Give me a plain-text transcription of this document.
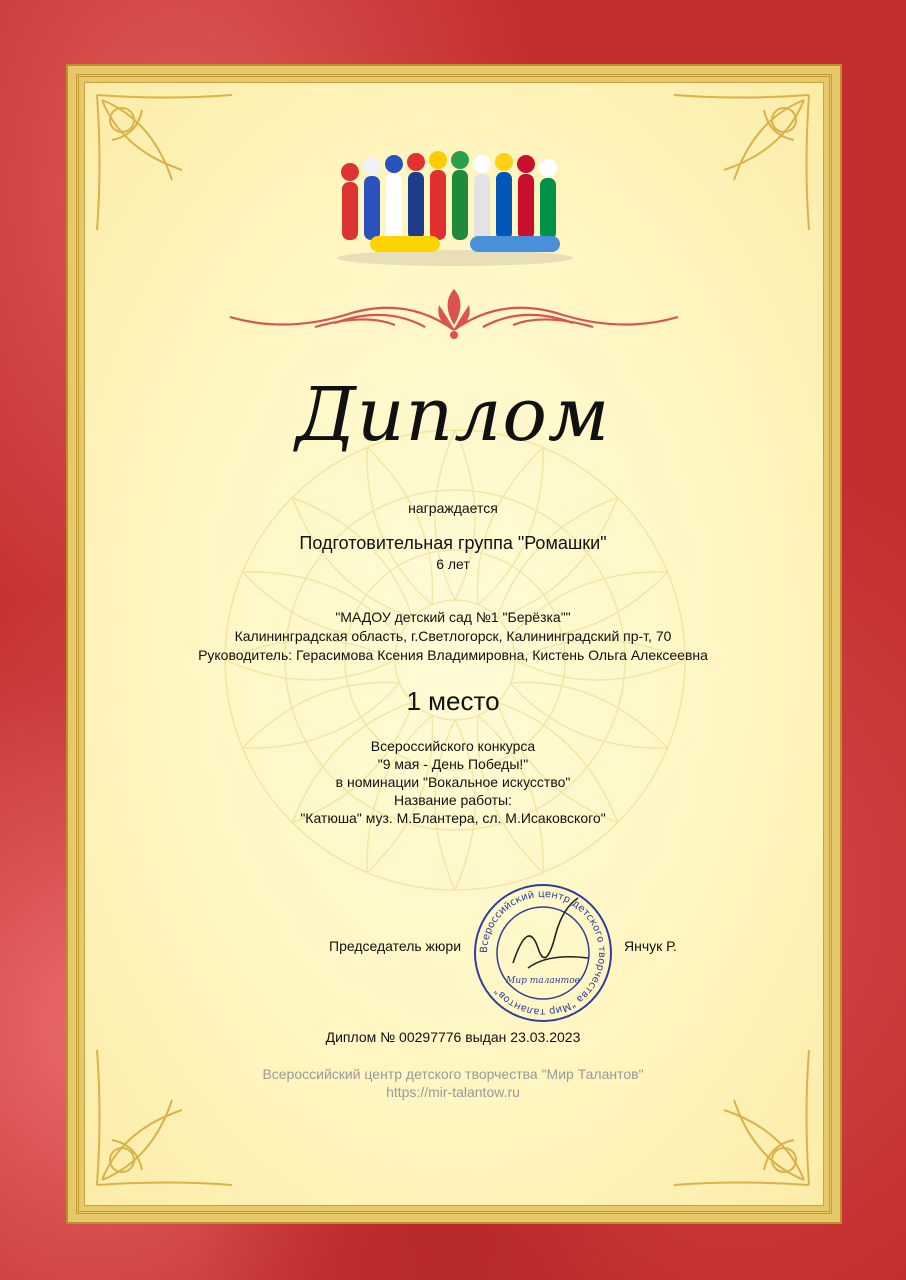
Диплом
награждается
Подготовительная группа "Ромашки"
6 лет
"МАДОУ детский сад №1 "Берёзка""
Калининградская область, г.Светлогорск, Калининградский пр-т, 70
Руководитель: Герасимова Ксения Владимировна, Кистень Ольга Алексеевна
1 место
Всероссийского конкурса
"9 мая - День Победы!"
в номинации "Вокальное искусство"
Название работы:
"Катюша" муз. М.Блантера, сл. М.Исаковского"
Председатель жюри	Янчук Р.
Всероссийский центр детского творчества "Мир талантов"
Мир талантов
Диплом № 00297776 выдан 23.03.2023
Всероссийский центр детского творчества "Мир Талантов"
https://mir-talantow.ru
